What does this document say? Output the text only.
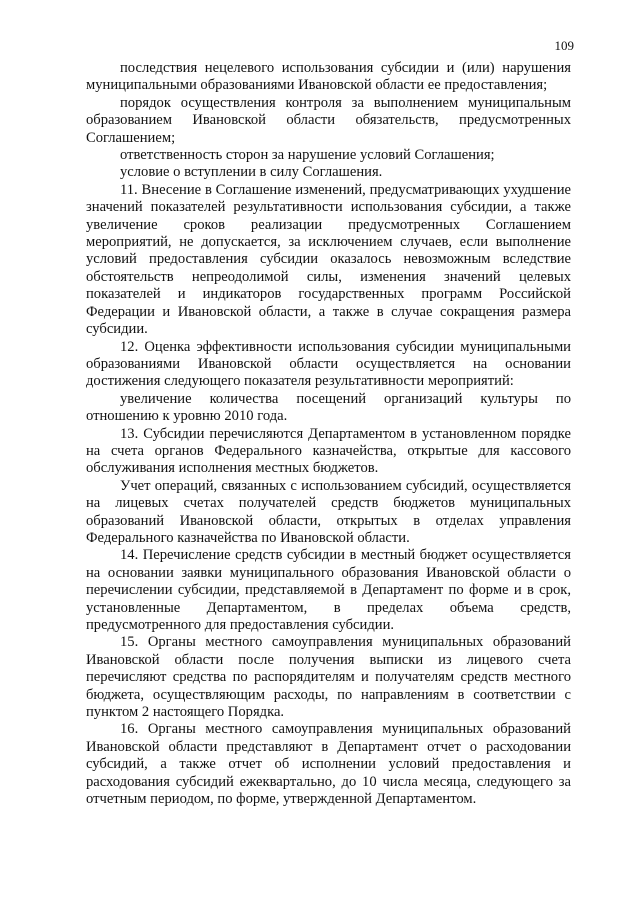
109

последствия нецелевого использования субсидии и (или) нарушения муниципальными образованиями Ивановской области ее предоставления;

порядок осуществления контроля за выполнением муниципальным образованием Ивановской области обязательств, предусмотренных Соглашением;

ответственность сторон за нарушение условий Соглашения;

условие о вступлении в силу Соглашения.

11. Внесение в Соглашение изменений, предусматривающих ухудшение значений показателей результативности использования субсидии, а также увеличение сроков реализации предусмотренных Соглашением мероприятий, не допускается, за исключением случаев, если выполнение условий предоставления субсидии оказалось невозможным вследствие обстоятельств непреодолимой силы, изменения значений целевых показателей и индикаторов государственных программ Российской Федерации и Ивановской области, а также в случае сокращения размера субсидии.

12. Оценка эффективности использования субсидии муниципальными образованиями Ивановской области осуществляется на основании достижения следующего показателя результативности мероприятий:

увеличение количества посещений организаций культуры по отношению к уровню 2010 года.

13. Субсидии перечисляются Департаментом в установленном порядке на счета органов Федерального казначейства, открытые для кассового обслуживания исполнения местных бюджетов.

Учет операций, связанных с использованием субсидий, осуществляется на лицевых счетах получателей средств бюджетов муниципальных образований Ивановской области, открытых в отделах управления Федерального казначейства по Ивановской области.

14. Перечисление средств субсидии в местный бюджет осуществляется на основании заявки муниципального образования Ивановской области о перечислении субсидии, представляемой в Департамент по форме и в срок, установленные Департаментом, в пределах объема средств, предусмотренного для предоставления субсидии.

15. Органы местного самоуправления муниципальных образований Ивановской области после получения выписки из лицевого счета перечисляют средства по распорядителям и получателям средств местного бюджета, осуществляющим расходы, по направлениям в соответствии с пунктом 2 настоящего Порядка.

16. Органы местного самоуправления муниципальных образований Ивановской области представляют в Департамент отчет о расходовании субсидий, а также отчет об исполнении условий предоставления и расходования субсидий ежеквартально, до 10 числа месяца, следующего за отчетным периодом, по форме, утвержденной Департаментом.
